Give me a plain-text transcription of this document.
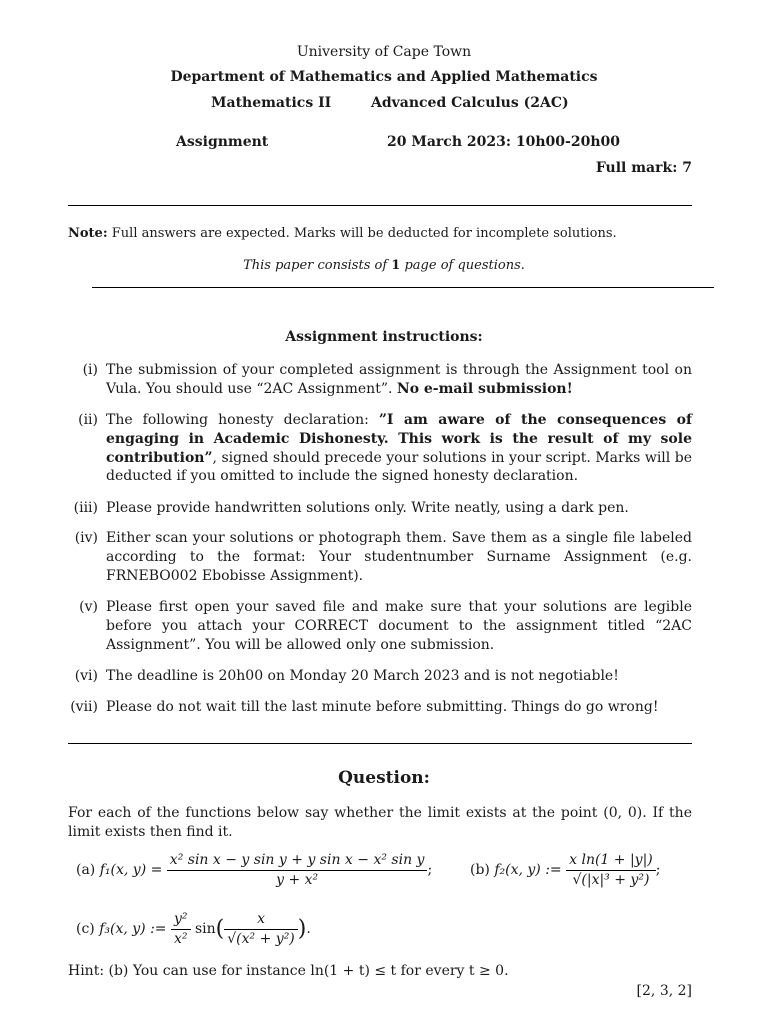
University of Cape Town
Department of Mathematics and Applied Mathematics
Mathematics II	Advanced Calculus (2AC)
Assignment	20 March 2023: 10h00-20h00
Full mark: 7
Note: Full answers are expected. Marks will be deducted for incomplete solutions.
This paper consists of 1 page of questions.
Assignment instructions:
(i) The submission of your completed assignment is through the Assignment tool on Vula. You should use “2AC Assignment”. No e-mail submission!
(ii) The following honesty declaration: ”I am aware of the consequences of engaging in Academic Dishonesty. This work is the result of my sole contribution”, signed should precede your solutions in your script. Marks will be deducted if you omitted to include the signed honesty declaration.
(iii) Please provide handwritten solutions only. Write neatly, using a dark pen.
(iv) Either scan your solutions or photograph them. Save them as a single file labeled according to the format: Your studentnumber Surname Assignment (e.g. FRNEBO002 Ebobisse Assignment).
(v) Please first open your saved file and make sure that your solutions are legible before you attach your CORRECT document to the assignment titled “2AC Assignment”. You will be allowed only one submission.
(vi) The deadline is 20h00 on Monday 20 March 2023 and is not negotiable!
(vii) Please do not wait till the last minute before submitting. Things do go wrong!
Question:
For each of the functions below say whether the limit exists at the point (0, 0). If the limit exists then find it.
(a) f₁(x, $y) = \frac{\text{x² sin x − y sin y + y sin x − x² sin y}}{\text{y + x²}}$ ;	(b) f₂(x, y) := $\frac{\text{x ln(1 + |y|)}}{\text{√(|x|³ + y²)}}$ ;
(c) f₃(x, y) := $\frac{\text{y²}}{\text{x²}} \sin( \frac{x}{\text{√(x² + y²)}}$ ).
Hint: (b) You can use for instance ln(1 + t) ≤ t for every t ≥ 0.
[2, 3, 2]
